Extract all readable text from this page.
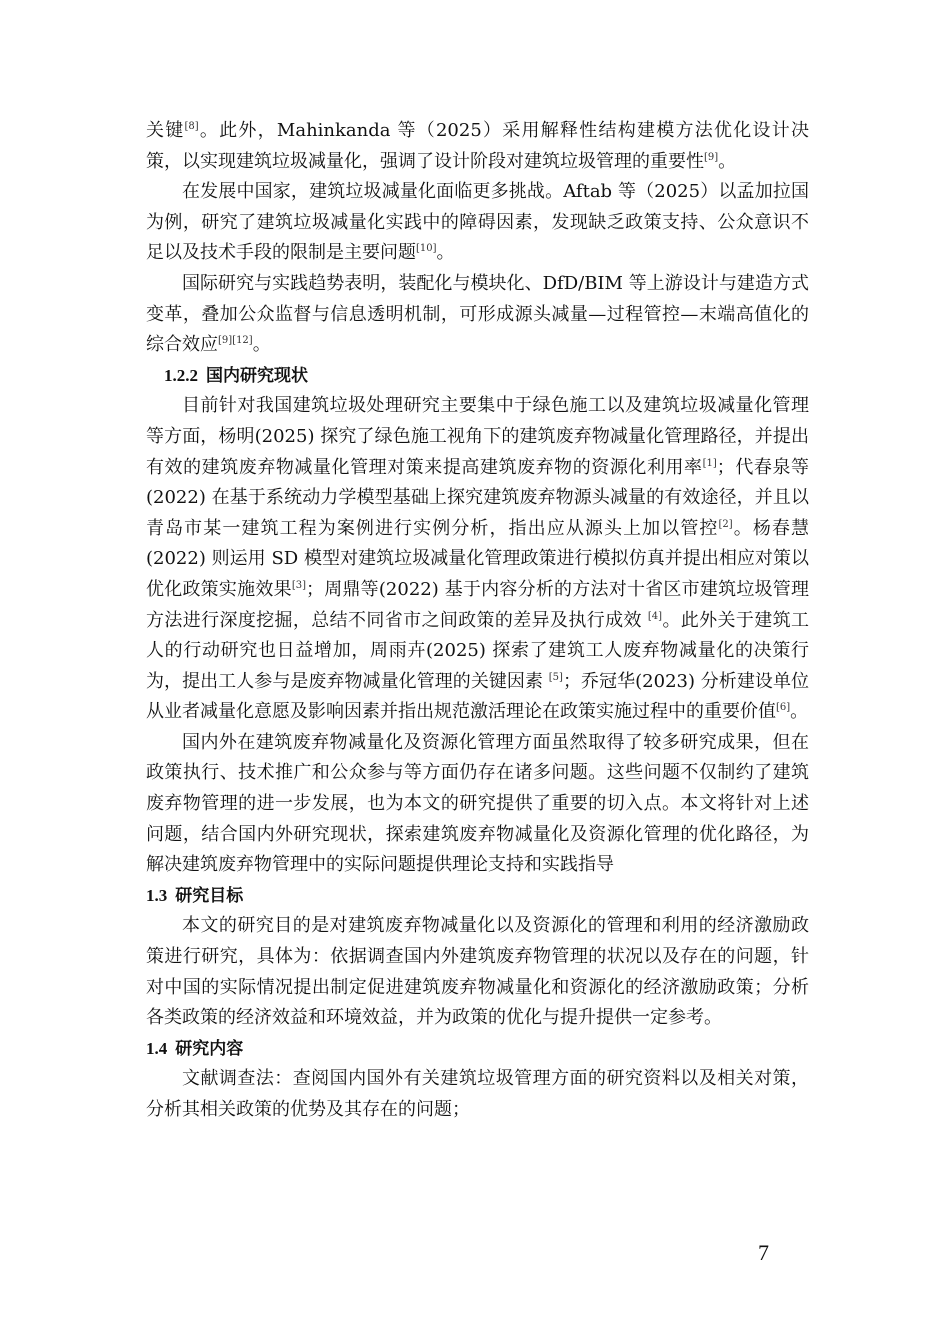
关键[8]。此外，Mahinkanda 等（2025）采用解释性结构建模方法优化设计决策，以实现建筑垃圾减量化，强调了设计阶段对建筑垃圾管理的重要性[9]。

在发展中国家，建筑垃圾减量化面临更多挑战。Aftab 等（2025）以孟加拉国为例，研究了建筑垃圾减量化实践中的障碍因素，发现缺乏政策支持、公众意识不足以及技术手段的限制是主要问题[10]。

国际研究与实践趋势表明，装配化与模块化、DfD/BIM 等上游设计与建造方式变革，叠加公众监督与信息透明机制，可形成源头减量—过程管控—末端高值化的综合效应[9][12]。

1.2.2 国内研究现状

目前针对我国建筑垃圾处理研究主要集中于绿色施工以及建筑垃圾减量化管理等方面，杨明(2025) 探究了绿色施工视角下的建筑废弃物减量化管理路径，并提出有效的建筑废弃物减量化管理对策来提高建筑废弃物的资源化利用率[1]；代春泉等(2022) 在基于系统动力学模型基础上探究建筑废弃物源头减量的有效途径，并且以青岛市某一建筑工程为案例进行实例分析，指出应从源头上加以管控[2]。杨春慧(2022) 则运用 SD 模型对建筑垃圾减量化管理政策进行模拟仿真并提出相应对策以优化政策实施效果[3]；周鼎等(2022) 基于内容分析的方法对十省区市建筑垃圾管理方法进行深度挖掘，总结不同省市之间政策的差异及执行成效 [4]。此外关于建筑工人的行动研究也日益增加，周雨卉(2025) 探索了建筑工人废弃物减量化的决策行为，提出工人参与是废弃物减量化管理的关键因素 [5]；乔冠华(2023) 分析建设单位从业者减量化意愿及影响因素并指出规范激活理论在政策实施过程中的重要价值[6]。

国内外在建筑废弃物减量化及资源化管理方面虽然取得了较多研究成果，但在政策执行、技术推广和公众参与等方面仍存在诸多问题。这些问题不仅制约了建筑废弃物管理的进一步发展，也为本文的研究提供了重要的切入点。本文将针对上述问题，结合国内外研究现状，探索建筑废弃物减量化及资源化管理的优化路径，为解决建筑废弃物管理中的实际问题提供理论支持和实践指导

1.3 研究目标

本文的研究目的是对建筑废弃物减量化以及资源化的管理和利用的经济激励政策进行研究，具体为：依据调查国内外建筑废弃物管理的状况以及存在的问题，针对中国的实际情况提出制定促进建筑废弃物减量化和资源化的经济激励政策；分析各类政策的经济效益和环境效益，并为政策的优化与提升提供一定参考。

1.4 研究内容

文献调查法：查阅国内国外有关建筑垃圾管理方面的研究资料以及相关对策，分析其相关政策的优势及其存在的问题；

7
